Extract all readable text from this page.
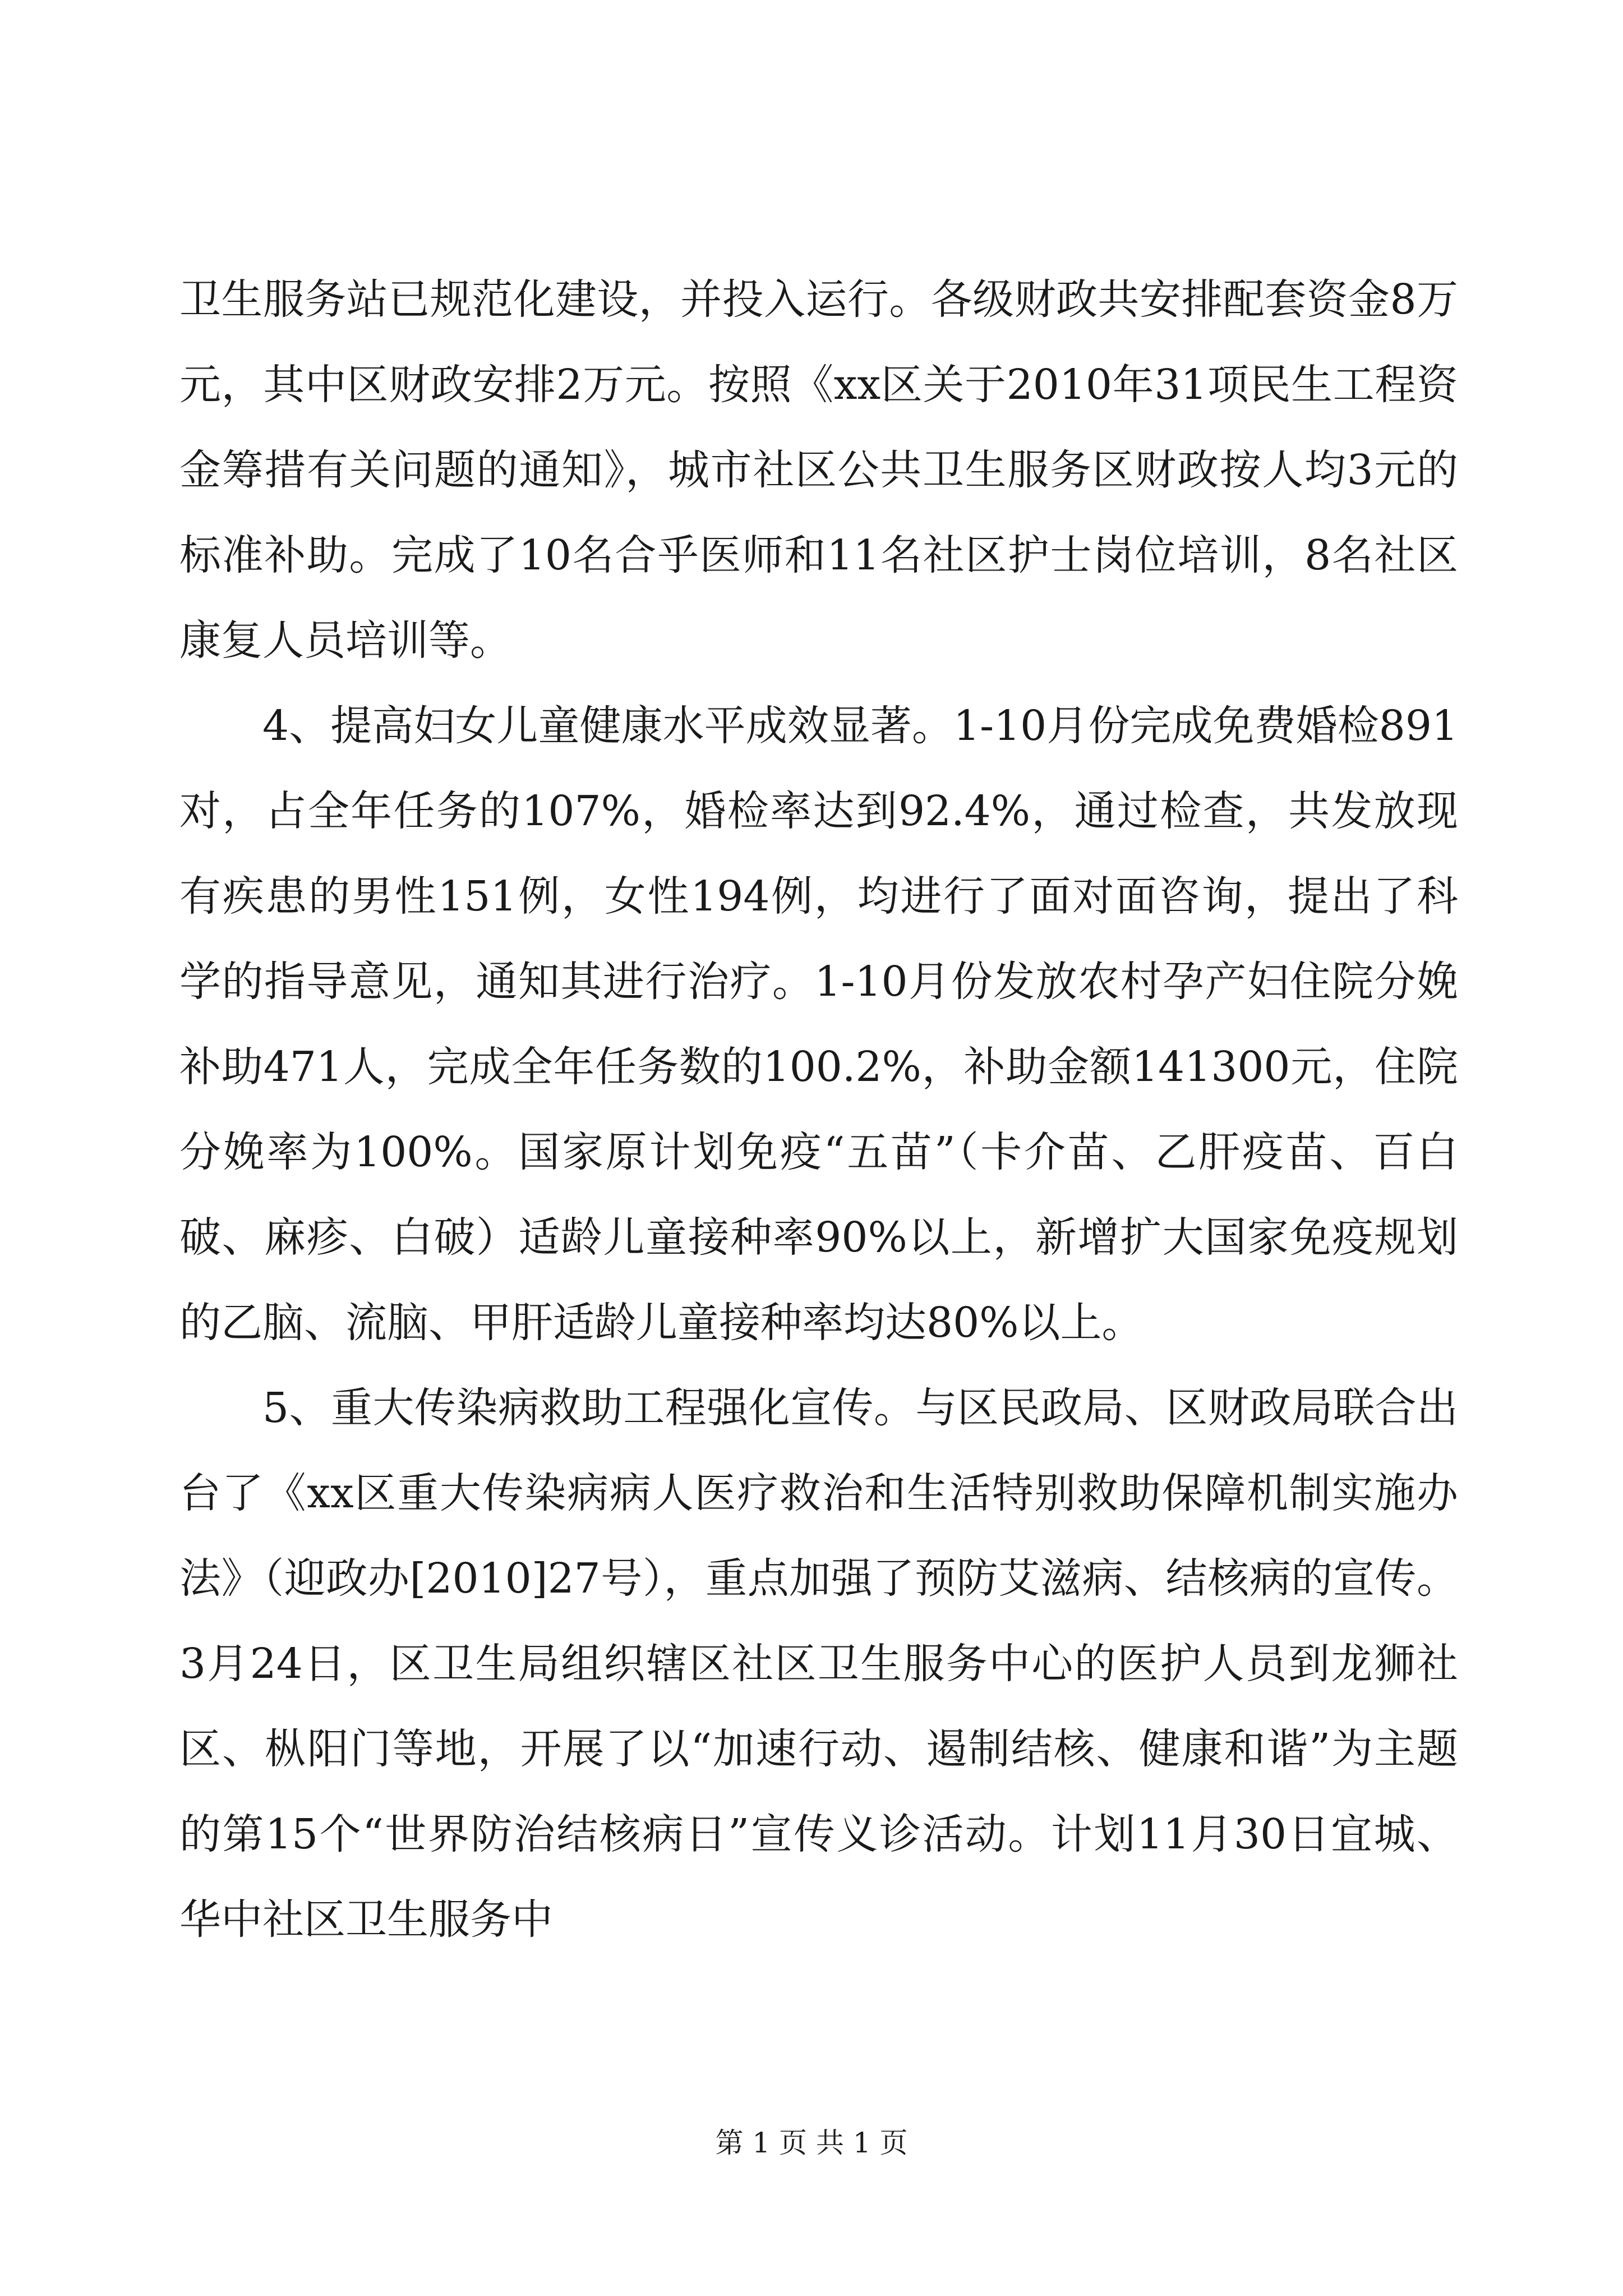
卫生服务站已规范化建设，并投入运行。各级财政共安排配套资金8万元，其中区财政安排2万元。按照《xx区关于2010年31项民生工程资金筹措有关问题的通知》，城市社区公共卫生服务区财政按人均3元的标准补助。完成了10名合乎医师和11名社区护士岗位培训，8名社区康复人员培训等。

4、提高妇女儿童健康水平成效显著。1-10月份完成免费婚检891对，占全年任务的107%，婚检率达到92.4%，通过检查，共发放现有疾患的男性151例，女性194例，均进行了面对面咨询，提出了科学的指导意见，通知其进行治疗。1-10月份发放农村孕产妇住院分娩补助471人，完成全年任务数的100.2%，补助金额141300元，住院分娩率为100%。国家原计划免疫“五苗”（卡介苗、乙肝疫苗、百白破、麻疹、白破）适龄儿童接种率90%以上，新增扩大国家免疫规划的乙脑、流脑、甲肝适龄儿童接种率均达80%以上。

5、重大传染病救助工程强化宣传。与区民政局、区财政局联合出台了《xx区重大传染病病人医疗救治和生活特别救助保障机制实施办法》（迎政办[2010]27号），重点加强了预防艾滋病、结核病的宣传。3月24日，区卫生局组织辖区社区卫生服务中心的医护人员到龙狮社区、枞阳门等地，开展了以“加速行动、遏制结核、健康和谐”为主题的第15个“世界防治结核病日”宣传义诊活动。计划11月30日宜城、华中社区卫生服务中

第 1 页 共 1 页
